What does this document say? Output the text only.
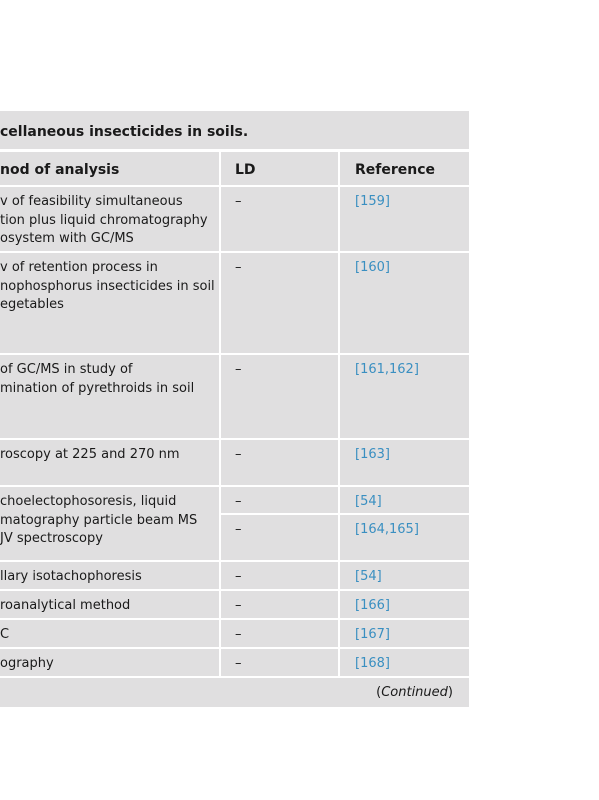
cellaneous insecticides in soils.
nod of analysis	LD	Reference

v of feasibility simultaneous
tion plus liquid chromatography
osystem with GC/MS	–	[159]

v of retention process in
nophosphorus insecticides in soil
egetables	–	[160]

of GC/MS in study of
mination of pyrethroids in soil	–	[161,162]

roscopy at 225 and 270 nm	–	[163]

choelectophosoresis, liquid
matography particle beam MS
JV spectroscopy	–	[54]
	–	[164,165]

llary isotachophoresis	–	[54]

roanalytical method	–	[166]

C	–	[167]

ography	–	[168]
(Continued)
